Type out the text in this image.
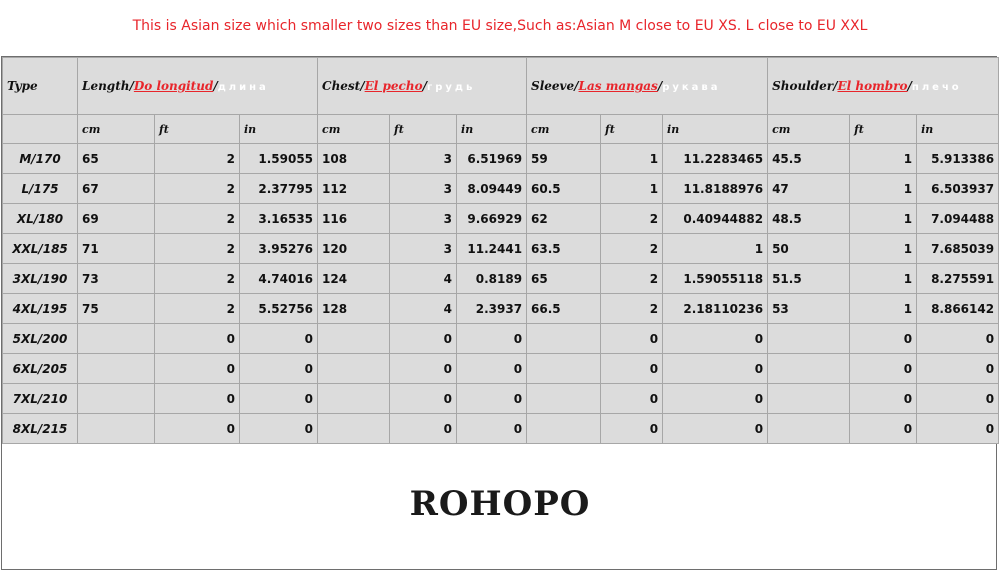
This is Asian size which smaller two sizes than EU size,Such as:Asian M close to EU XS. L close to EU XXL
Type	Length/Do longitud/длина			Chest/El pecho/грудь			Sleeve/Las mangas/рукава			Shoulder/El hombro/плечо		
	cm	ft	in	cm	ft	in	cm	ft	in	cm	ft	in
M/170	65	2	1.59055	108	3	6.51969	59	1	11.2283465	45.5	1	5.913386
L/175	67	2	2.37795	112	3	8.09449	60.5	1	11.8188976	47	1	6.503937
XL/180	69	2	3.16535	116	3	9.66929	62	2	0.40944882	48.5	1	7.094488
XXL/185	71	2	3.95276	120	3	11.2441	63.5	2	1	50	1	7.685039
3XL/190	73	2	4.74016	124	4	0.8189	65	2	1.59055118	51.5	1	8.275591
4XL/195	75	2	5.52756	128	4	2.3937	66.5	2	2.18110236	53	1	8.866142
5XL/200		0	0		0	0		0	0		0	0
6XL/205		0	0		0	0		0	0		0	0
7XL/210		0	0		0	0		0	0		0	0
8XL/215		0	0		0	0		0	0		0	0
ROHOPO
